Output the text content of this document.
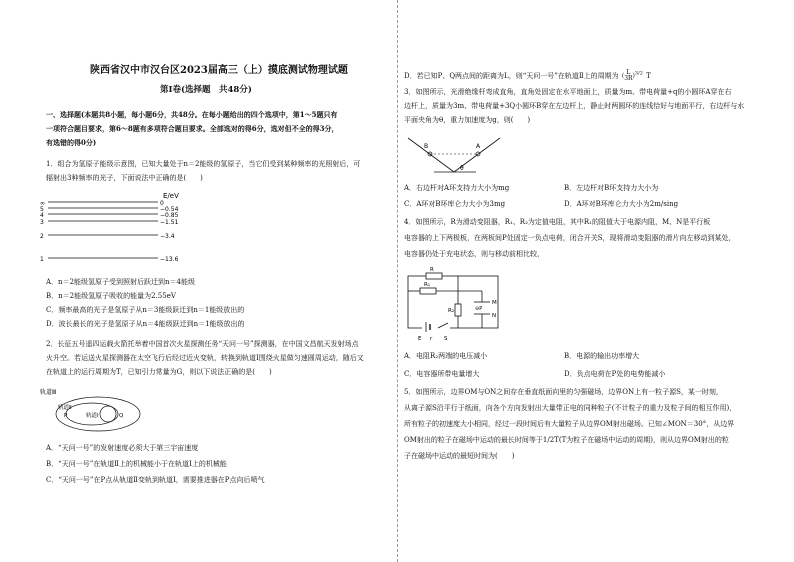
陕西省汉中市汉台区2023届高三（上）摸底测试物理试题
第Ⅰ卷(选择题　共48分)
一、选择题(本题共8小题，每小题6分，共48分。在每小题给出的四个选项中，第1～5题只有
一项符合题目要求，第6～8题有多项符合题目要求。全部选对的得6分，选对但不全的得3分，
有选错的得0分)
1．组合为氢原子能级示意图，已知大量处于n＝2能级的氢原子，当它们受到某种频率的光照射后，可
辐射出3种频率的光子，下面说法中正确的是(　　)
E/eV
∞	0
5	−0.54
4	−0.85
3	−1.51
2	−3.4
1	−13.6
A．n＝2能级氢原子受到照射后跃迁到n＝4能级
B．n＝2能级氢原子吸收的能量为2.55eV
C．频率最高的光子是氢原子从n＝3能级跃迁到n＝1能级放出的
D．波长最长的光子是氢原子从n＝4能级跃迁到n＝1能级放出的
2．长征五号遥四运载火箭托举着中国首次火星探测任务“天问一号”探测器，在中国文昌航天发射场点
火升空。若运送火星探测器在太空飞行后经过近火变轨，转换到轨道Ⅰ围绕火星做匀速圆周运动，随后又
在轨道上的运行周期为T，已知引力常量为G，则以下说法正确的是(　　)
轨道Ⅲ
轨道Ⅱ
P	轨道Ⅰ	Q
A．“天问一号”的发射速度必须大于第三宇宙速度
B．“天问一号”在轨道Ⅱ上的机械能小于在轨道Ⅰ上的机械能
C．“天问一号”在P点从轨道Ⅱ变轨到轨道Ⅰ，需要推进器在P点向后喷气
D．若已知P、Q两点间的距离为L，则“天问一号”在轨道Ⅱ上的周期为 ( L
3R)$^{3/2}$ T
3．如图所示，光滑绝缘杆弯成直角，直角处固定在水平地面上，质量为m、带电荷量+q的小圆环A穿在右
边杆上，质量为3m、带电荷量+3Q小圆环B穿在左边杆上，静止时两圆环的连线恰好与地面平行，右边杆与水
平面夹角为θ，重力加速度为g，则(　　)
B	A
θ
A．右边杆对A环支持力大小为mg	B．左边杆对B环支持力大小为
C．A环对B环库仑力大小为3mg	D．A环对B环库仑力大小为2m/sing
4．如图所示，R为滑动变阻器，R₁、R₂为定值电阻，其中R₁的阻值大于电源内阻，M、N是平行板
电容器的上下两极板，在两板间P处固定一负点电荷，闭合开关S，现将滑动变阻器的滑片向左移动到某处，
电容器仍处于充电状态，则与移动前相比较，
R
R₁
R₂
M
⊖P
N
E r S
A．电阻R₂两端的电压减小	B．电源的输出功率增大
C．电容器所带电量增大	D．负点电荷在P处的电势能减小
5．如图所示，边界OM与ON之间存在垂直纸面向里的匀强磁场，边界ON上有一粒子源S，某一时刻，
从离子源S沿平行于纸面，向各个方向发射出大量带正电的同种粒子(不计粒子的重力及粒子间的相互作用)，
所有粒子的初速度大小相同，经过一段时间后有大量粒子从边界OM射出磁场。已知∠MON＝30°，从边界
OM射出的粒子在磁场中运动的最长时间等于1/2T(T为粒子在磁场中运动的周期)，则从边界OM射出的粒
子在磁场中运动的最短时间为(　　)
